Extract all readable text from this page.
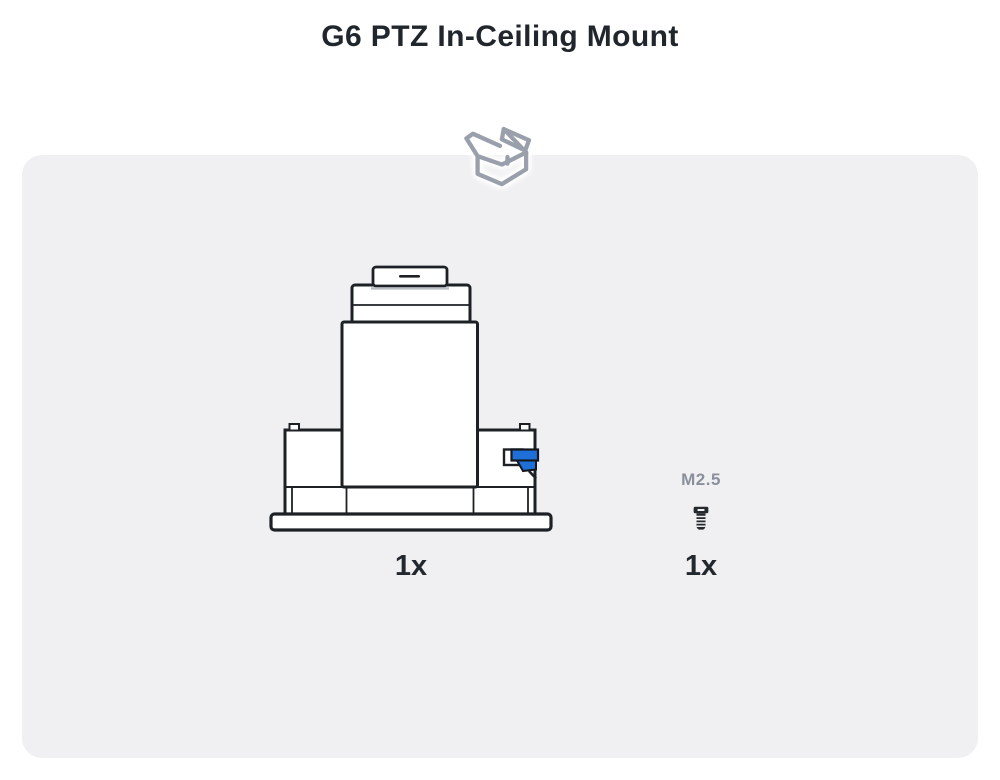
G6 PTZ In-Ceiling Mount
1x
M2.5
1x
